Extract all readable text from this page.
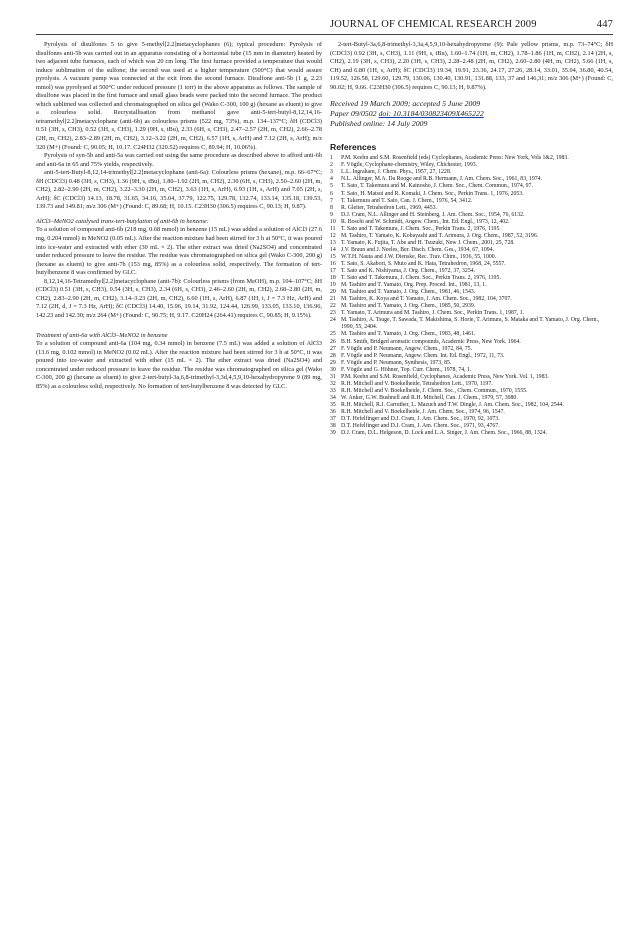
JOURNAL OF CHEMICAL RESEARCH 2009	447

Pyrolysis of disulfones 5 to give 5-methyl[2.2]metacyclophanes (6); typical procedure: Pyrolysis of disulfones anti-5b was carried out in an apparatus consisting of a horizontal tube (15 mm in diameter) heated by two adjacent tube furnaces, each of which was 20 cm long. The first furnace provided a temperature that would induce sublimation of the sulfone; the second was used at a higher temperature (500°C) that would assure pyrolysis. A vacuum pump was connected at the exit from the second furnace. Disulfone anti-5b (1 g, 2.23 mmol) was pyrolysed at 500°C under reduced pressure (1 torr) in the above apparatus as follows. The sample of disulfone was placed in the first furnace and small glass beads were packed into the second furnace. The product which sublimed was collected and chromatographed on silica gel (Wako C-300, 100 g) (hexane as eluent) to give a colourless solid. Recrystallisation from methanol gave anti-5-tert-butyl-8,12,14,16-tetramethyl[2.2]metacyclophane (anti-6b) as colourless prisms (522 mg, 73%), m.p. 134–137°C; δH (CDCl3) 0.51 (3H, s, CH3), 0.52 (3H, s, CH3), 1.29 (9H, s, tBu), 2.33 (6H, s, CH3), 2.47–2.57 (2H, m, CH2), 2.66–2.78 (2H, m, CH2), 2.83–2.89 (2H, m, CH2), 3.12–3.22 (2H, m, CH2), 6.57 (1H, s, ArH) and 7.12 (2H, s, ArH); m/z 320 (M+) (Found: C, 90.05; H, 10.17. C24H32 (320.52) requires C, 89.94; H, 10.06%).

Pyrolysis of syn-5b and anti-5a was carried out using the same procedure as described above to afford anti-6b and anti-6a in 65 and 75% yields, respectively.

anti-5-tert-Butyl-8,12,14-trimethyl[2.2]metacyclophane (anti-6a): Colourless prisms (hexane), m.p. 66–67°C; δH (CDCl3) 0.48 (3H, s, CH3), 1.36 (9H, s, tBu), 1.80–1.92 (2H, m, CH2), 2.30 (6H, s, CH3), 2.50–2.60 (2H, m, CH2), 2.82–2.90 (2H, m, CH2), 3.22–3.30 (2H, m, CH2), 3.63 (1H, s, ArH), 6.93 (1H, s, ArH) and 7.05 (2H, s, ArH); δC (CDCl3) 14.13, 18.78, 31.65, 34.16, 35.04, 37.79, 122.75, 129.78, 132.74, 133.14, 135.18, 139.53, 139.73 and 149.81; m/z 306 (M+) (Found: C, 89.68; H, 10.15. C23H30 (306.5) requires C, 90.13; H, 9.87).

AlCl3–MeNO2 catalysed trans-tert-butylation of anti-6b in benzene:

To a solution of compound anti-6b (218 mg, 0.68 mmol) in benzene (15 mL) was added a solution of AlCl3 (27.6 mg, 0.204 mmol) in MeNO2 (0.05 mL). After the reaction mixture had been stirred for 3 h at 50°C, it was poured into ice-water and extracted with ether (30 mL × 2). The ether extract was dried (Na2SO4) and concentrated under reduced pressure to leave the residue. The residue was chromatographed on silica gel (Wako C-300, 200 g) (hexane as eluent) to give anti-7b (153 mg, 85%) as a colourless solid, respectively. The formation of tert-butylbenzene 8 was confirmed by GLC.

8,12,14,16-Tetramethyl[2.2]metacyclophane (anti-7b): Colourless prisms (from MeOH), m.p. 104–107°C; δH (CDCl3) 0.51 (3H, s, CH3), 0.54 (3H, s, CH3), 2.34 (6H, s, CH3), 2.46–2.60 (2H, m, CH2), 2.68–2.80 (2H, m, CH2), 2.83–2.90 (2H, m, CH2), 3.14–3.23 (2H, m, CH2), 6.60 (1H, s, ArH), 6.87 (1H, t, J = 7.3 Hz, ArH) and 7.12 (2H, d, J = 7.3 Hz, ArH); δC (CDCl3) 14.40, 15.96, 19.14, 31.92, 124.44, 126.99, 133.05, 133.10, 136.96, 142.23 and 142.30; m/z 264 (M+) (Found: C, 90.75; H, 9.17. C20H24 (264.41) requires C, 90.85; H, 9.15%).

Treatment of anti-6a with AlCl3–MeNO2 in benzene

To a solution of compound anti-6a (104 mg, 0.34 mmol) in benzene (7.5 mL) was added a solution of AlCl3 (13.6 mg, 0.102 mmol) in MeNO2 (0.02 mL). After the reaction mixture had been stirred for 3 h at 50°C, it was poured into ice-water and extracted with ether (15 mL × 2). The ether extract was dried (Na2SO4) and concentrated under reduced pressure to leave the residue. The residue was chromatographed on silica gel (Wako C-300, 200 g) (hexane as eluent) to give 2-tert-butyl-3a,6,8-trimethyl-3,3d,4,5,9,10-hexahydropyrene 9 (89 mg, 85%) as a colourless solid, respectively. No formation of tert-butylbenzene 8 was detected by GLC.

2-tert-Butyl-3a,6,8-trimethyl-3,3a,4,5,9,10-hexahydropyrene (9): Pale yellow prisms, m.p. 73–74°C; δH (CDCl3) 0.92 (3H, s, CH3), 1.11 (9H, s, tBu), 1.60–1.74 (1H, m, CH2), 1.78–1.86 (1H, m, CH2), 2.14 (2H, s, CH2), 2.19 (3H, s, CH3), 2.20 (3H, s, CH3), 2.28–2.48 (2H, m, CH2), 2.60–2.80 (4H, m, CH2), 5.66 (1H, s, CH) and 6.80 (1H, s, ArH); δC (CDCl3) 19.34, 19.91, 23.36, 24.17, 27.26, 28.14, 33.01, 35.04, 36.80, 40.54, 119.52, 126.58, 129.60, 129.79, 130.06, 130.40, 130.91, 131.88, 133, 37 and 146,31; m/z 306 (M+) (Found: C, 90.02; H, 9.66. C23H30 (306.5) requires C, 90.13; H, 9.87%).

Received 19 March 2009; accepted 5 June 2009
Paper 09/0502 doi: 10.3184/030823409X465222
Published online: 14 July 2009
References
1	P.M. Keehn and S.M. Rosenfield (eds) Cyclophanes, Academic Press: New York, Vols 1&2, 1983.
2	F. Vögtle, Cyclophane-chemistry, Wiley, Chichester, 1993.
3	L.L. Ingraham, J. Chem. Phys., 1957, 27, 1228.
4	N.L. Allinger, M.A. Da Rooge and R.B. Hermann, J. Am. Chem. Soc., 1961, 83, 1974.
5	T. Sato, T. Takemura and M. Kainosho, J. Chem. Soc., Chem. Commun., 1974, 97.
6	T. Sato, H. Matsui and R. Komaki, J. Chem. Soc., Perkin Trans. 1, 1976, 2053.
7	T. Takemura and T. Sato, Can. J. Chem., 1976, 54, 3412.
8	R. Gleiter, Tetrahedron Lett., 1969, 4453.
9	D.J. Cram, N.L. Allinger and H. Steinberg, J. Am. Chem. Soc., 1954, 76, 6132.
10 R. Boschi and W. Schmidt, Angew. Chem., Int. Ed. Engl., 1973, 12, 402.
11 T. Sato and T. Takemura, J. Chem. Soc., Perkin Trans. 2, 1976, 1195.
12 M. Tashiro, T. Yamato, K. Kobayashi and T. Arimura, J. Org. Chem., 1987, 52, 3196.
13 T. Yamato, K. Fujita, T. Abe and H. Tsuzuki, New J. Chem., 2001, 25, 728.
14 J.V. Braun and J. Neeles, Ber. Dtsch. Chem. Ges., 1934, 67, 1094.
15 W.T.H. Nauta and J.W. Dienske, Rec. Trav. Chim., 1936, 55, 1000.
16 T. Sato, S. Akabori, S. Muto and K. Hata, Tetrahedron, 1968, 24, 5557.
17 T. Sato and K. Nishiyama, J. Org. Chem., 1972, 37, 3254.
18 T. Sato and T. Takemura, J. Chem. Soc., Perkin Trans. 2, 1976, 1195.
19 M. Tashiro and T. Yamato, Org. Prep. Proced. Int., 1981, 13, 1.
20 M. Tashiro and T. Yamato, J. Org. Chem., 1981, 46, 1543.
21 M. Tashiro, K. Koya and T. Yamato, J. Am. Chem. Soc., 1982, 104, 3707.
22 M. Tashiro and T. Yamato, J. Org. Chem., 1985, 50, 2939.
23 T. Yamato, T. Arimura and M. Tashiro, J. Chem. Soc., Perkin Trans. 1, 1987, 1.
24 M. Tashiro, A. Tsuge, T. Sawada, T. Makishima, S. Horie, T. Arimura, S. Mataka and T. Yamato, J. Org. Chem., 1990, 55, 2404.
25 M. Tashiro and T. Yamato, J. Org. Chem., 1983, 48, 1461.
26 B.H. Smith, Bridged aromatic compounds, Academic Press, New York. 1964.
27 F. Vögtle and P. Neumann, Angew. Chem., 1972, 84, 75.
28 F. Vögtle and P. Neumann, Angew. Chem. Int. Ed. Engl., 1972, 11, 73.
29 F. Vögtle and P. Neumann, Synthesis, 1973, 85.
30 F. Vögtle and G. Höhner, Top. Curr. Chem., 1978, 74, 1.
31 P.M. Keehn and S.M. Rosenfield, Cyclophanes, Academic Press, New York. Vol. 1, 1983.
32 R.H. Mitchell and V. Boekelheide, Tetrahedron Lett., 1970, 1197.
33 R.H. Mitchell and V. Boekelheide, J. Chem. Soc., Chem. Commun., 1970, 1555.
34 W. Anker, G.W. Bushnell and R.H. Mitchell, Can. J. Chem., 1979, 57, 3080.
35 R.H. Mitchell, R.J. Carruther, L. Mazuch and T.W. Dingle, J. Am. Chem. Soc., 1982, 104, 2544.
36 R.H. Mitchell and V. Boekelheide, J. Am. Chem. Soc., 1974, 96, 1547.
37 D.T. Hefelfinger and D.J. Cram, J. Am. Chem. Soc., 1970, 92, 1073.
38 D.T. Hefelfinger and D.J. Cram, J. Am. Chem. Soc., 1971, 93, 4767.
39 D.J. Cram, D.L. Helgeson, D. Lock and L.A. Singer, J. Am. Chem. Soc., 1966, 88, 1324.
